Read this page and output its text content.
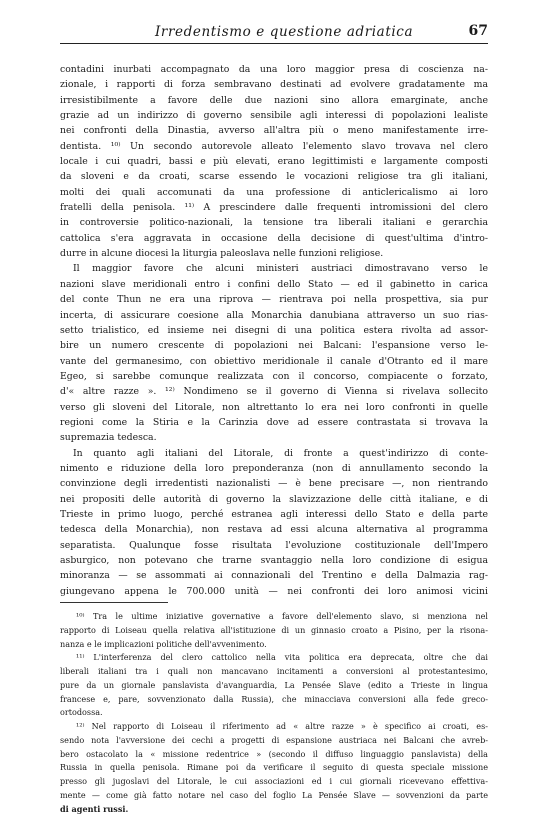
Irredentismo e questione adriatica	67
contadini inurbati accompagnato da una loro maggior presa di coscienza na-
zionale, i rapporti di forza sembravano destinati ad evolvere gradatamente ma
irresistibilmente a favore delle due nazioni sino allora emarginate, anche
grazie ad un indirizzo di governo sensibile agli interessi di popolazioni lealiste
nei confronti della Dinastia, avverso all'altra più o meno manifestamente irre-
dentista. ¹⁰⁾ Un secondo autorevole alleato l'elemento slavo trovava nel clero
locale i cui quadri, bassi e più elevati, erano legittimisti e largamente composti
da sloveni e da croati, scarse essendo le vocazioni religiose tra gli italiani,
molti dei quali accomunati da una professione di anticlericalismo ai loro
fratelli della penisola. ¹¹⁾ A prescindere dalle frequenti intromissioni del clero
in controversie politico-nazionali, la tensione tra liberali italiani e gerarchia
cattolica s'era aggravata in occasione della decisione di quest'ultima d'intro-
durre in alcune diocesi la liturgia paleoslava nelle funzioni religiose.
Il maggior favore che alcuni ministeri austriaci dimostravano verso le
nazioni slave meridionali entro i confini dello Stato — ed il gabinetto in carica
del conte Thun ne era una riprova — rientrava poi nella prospettiva, sia pur
incerta, di assicurare coesione alla Monarchia danubiana attraverso un suo rias-
setto trialistico, ed insieme nei disegni di una politica estera rivolta ad assor-
bire un numero crescente di popolazioni nei Balcani: l'espansione verso le-
vante del germanesimo, con obiettivo meridionale il canale d'Otranto ed il mare
Egeo, si sarebbe comunque realizzata con il concorso, compiacente o forzato,
d'« altre razze ». ¹²⁾ Nondimeno se il governo di Vienna si rivelava sollecito
verso gli sloveni del Litorale, non altrettanto lo era nei loro confronti in quelle
regioni come la Stiria e la Carinzia dove ad essere contrastata si trovava la
supremazia tedesca.
In quanto agli italiani del Litorale, di fronte a quest'indirizzo di conte-
nimento e riduzione della loro preponderanza (non di annullamento secondo la
convinzione degli irredentisti nazionalisti — è bene precisare —, non rientrando
nei propositi delle autorità di governo la slavizzazione delle città italiane, e di
Trieste in primo luogo, perché estranea agli interessi dello Stato e della parte
tedesca della Monarchia), non restava ad essi alcuna alternativa al programma
separatista. Qualunque fosse risultata l'evoluzione costituzionale dell'Impero
asburgico, non potevano che trarne svantaggio nella loro condizione di esigua
minoranza — se assommati ai connazionali del Trentino e della Dalmazia rag-
giungevano appena le 700.000 unità — nei confronti dei loro animosi vicini
¹⁰⁾ Tra le ultime iniziative governative a favore dell'elemento slavo, si menziona nel
rapporto di Loiseau quella relativa all'istituzione di un ginnasio croato a Pisino, per la risona-
nanza e le implicazioni politiche dell'avvenimento.
¹¹⁾ L'interferenza del clero cattolico nella vita politica era deprecata, oltre che dai
liberali italiani tra i quali non mancavano incitamenti a conversioni al protestantesimo,
pure da un giornale panslavista d'avanguardia, La Pensée Slave (edito a Trieste in lingua
francese e, pare, sovvenzionato dalla Russia), che minacciava conversioni alla fede greco-
ortodossa.
¹²⁾ Nel rapporto di Loiseau il riferimento ad « altre razze » è specifico ai croati, es-
sendo nota l'avversione dei cechi a progetti di espansione austriaca nei Balcani che avreb-
bero ostacolato la « missione redentrice » (secondo il diffuso linguaggio panslavista) della
Russia in quella penisola. Rimane poi da verificare il seguito di questa speciale missione
presso gli jugoslavi del Litorale, le cui associazioni ed i cui giornali ricevevano effettiva-
mente — come già fatto notare nel caso del foglio La Pensée Slave — sovvenzioni da parte
di agenti russi.
